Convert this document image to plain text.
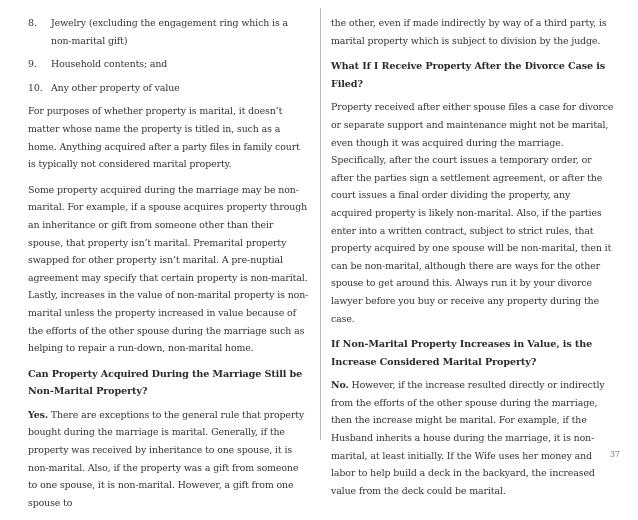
8.	Jewelry (excluding the engagement ring which is a non-marital gift)
9.	Household contents; and
10. Any other property of value

For purposes of whether property is marital, it doesn’t matter whose name the property is titled in, such as a home. Anything acquired after a party files in family court is typically not considered marital property.

Some property acquired during the marriage may be non-marital. For example, if a spouse acquires property through an inheritance or gift from someone other than their spouse, that property isn’t marital. Premarital property swapped for other property isn’t marital. A pre-nuptial agreement may specify that certain property is non-marital. Lastly, increases in the value of non-marital property is non-marital unless the property increased in value because of the efforts of the other spouse during the marriage such as helping to repair a run-down, non-marital home.

Can Property Acquired During the Marriage Still be Non-Marital Property?

Yes. There are exceptions to the general rule that property bought during the marriage is marital. Generally, if the property was received by inheritance to one spouse, it is non-marital. Also, if the property was a gift from someone to one spouse, it is non-marital. However, a gift from one spouse to

the other, even if made indirectly by way of a third party, is marital property which is subject to division by the judge.

What If I Receive Property After the Divorce Case is Filed?

Property received after either spouse files a case for divorce or separate support and maintenance might not be marital, even though it was acquired during the marriage. Specifically, after the court issues a temporary order, or after the parties sign a settlement agreement, or after the court issues a final order dividing the property, any acquired property is likely non-marital. Also, if the parties enter into a written contract, subject to strict rules, that property acquired by one spouse will be non-marital, then it can be non-marital, although there are ways for the other spouse to get around this. Always run it by your divorce lawyer before you buy or receive any property during the case.

If Non-Marital Property Increases in Value, is the Increase Considered Marital Property?

No. However, if the increase resulted directly or indirectly from the efforts of the other spouse during the marriage, then the increase might be marital. For example, if the Husband inherits a house during the marriage, it is non-marital, at least initially. If the Wife uses her money and labor to help build a deck in the backyard, the increased value from the deck could be marital.

37
